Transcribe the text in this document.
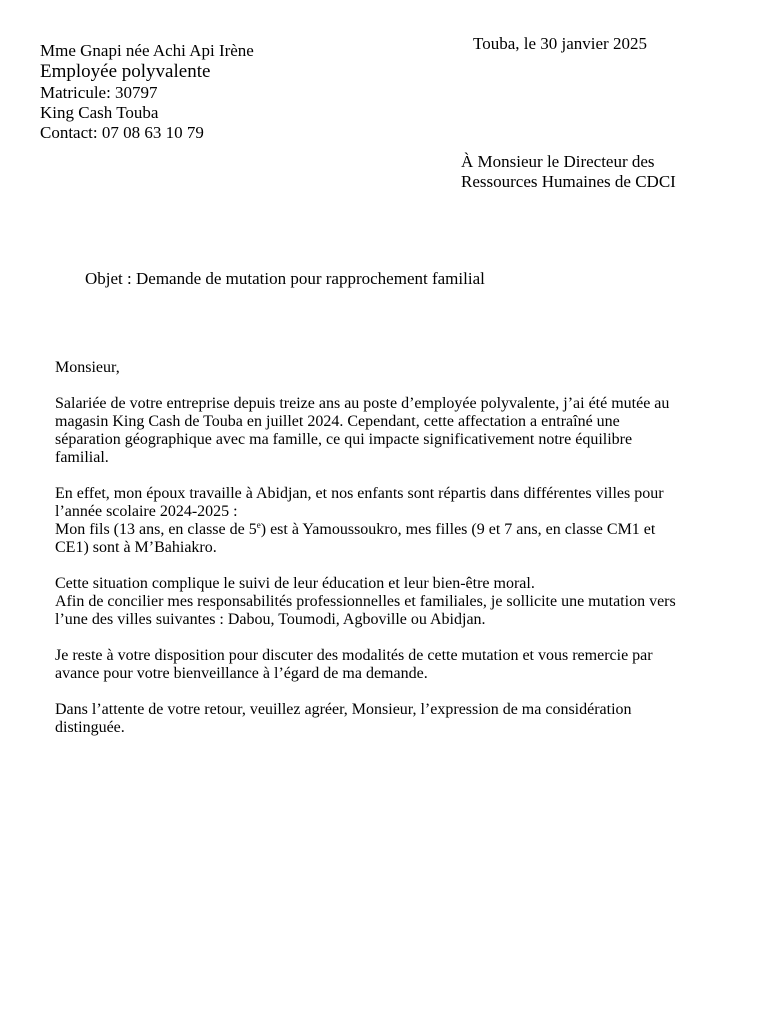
Mme Gnapi née Achi Api Irène
Employée polyvalente
Matricule: 30797
King Cash Touba
Contact: 07 08 63 10 79
Touba, le 30 janvier 2025
À Monsieur le Directeur des
Ressources Humaines de CDCI
Objet : Demande de mutation pour rapprochement familial

Monsieur,

Salariée de votre entreprise depuis treize ans au poste d’employée polyvalente, j’ai été mutée au
magasin King Cash de Touba en juillet 2024. Cependant, cette affectation a entraîné une
séparation géographique avec ma famille, ce qui impacte significativement notre équilibre
familial.

En effet, mon époux travaille à Abidjan, et nos enfants sont répartis dans différentes villes pour
l’année scolaire 2024-2025 :
Mon fils (13 ans, en classe de 5e) est à Yamoussoukro, mes filles (9 et 7 ans, en classe CM1 et
CE1) sont à M’Bahiakro.

Cette situation complique le suivi de leur éducation et leur bien-être moral.
Afin de concilier mes responsabilités professionnelles et familiales, je sollicite une mutation vers
l’une des villes suivantes : Dabou, Toumodi, Agboville ou Abidjan.

Je reste à votre disposition pour discuter des modalités de cette mutation et vous remercie par
avance pour votre bienveillance à l’égard de ma demande.

Dans l’attente de votre retour, veuillez agréer, Monsieur, l’expression de ma considération
distinguée.
